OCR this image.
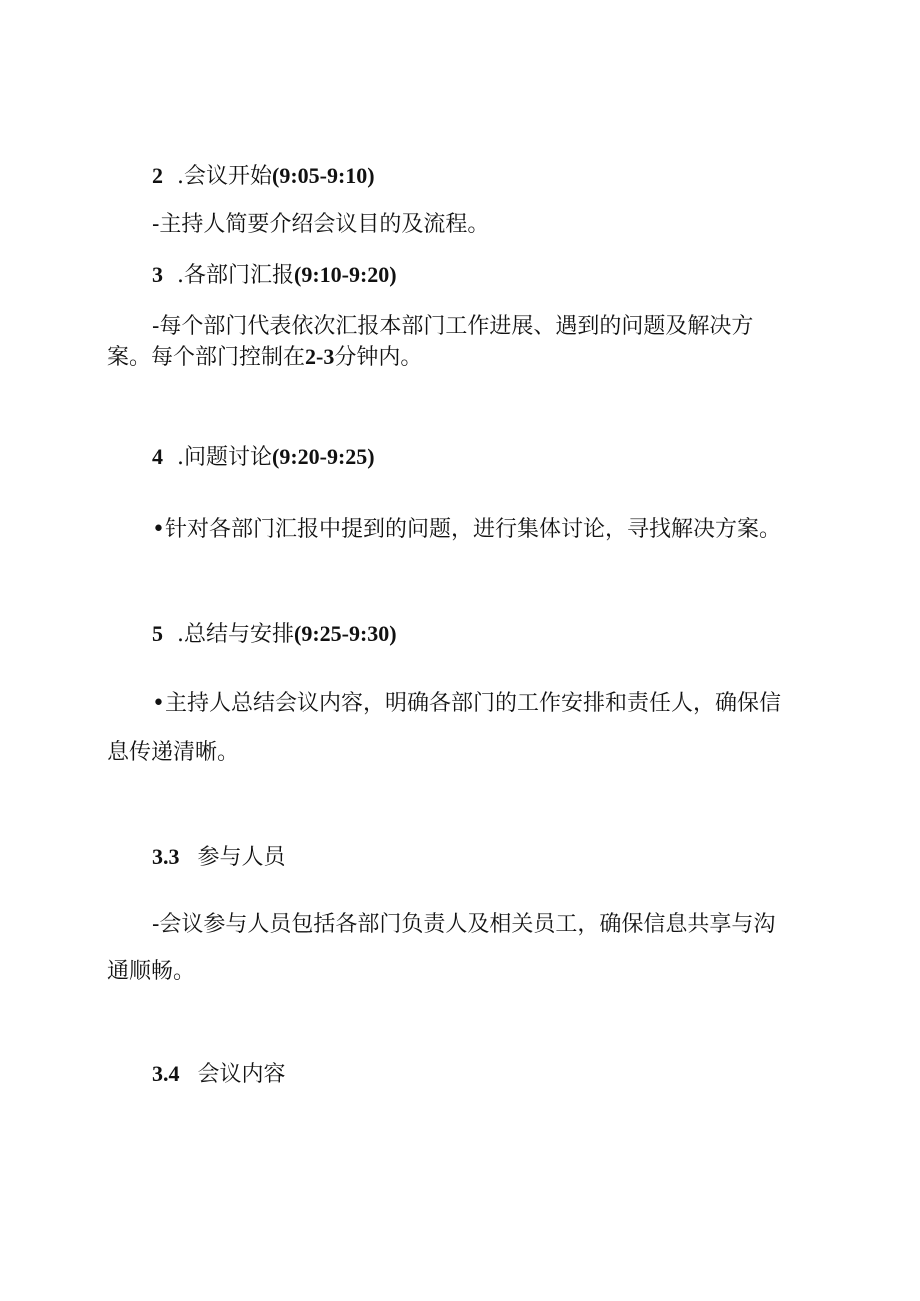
2 .会议开始(9:05-9:10)
-主持人简要介绍会议目的及流程。
3 .各部门汇报(9:10-9:20)
-每个部门代表依次汇报本部门工作进展、遇到的问题及解决方
案。每个部门控制在2-3分钟内。
4 .问题讨论(9:20-9:25)
•针对各部门汇报中提到的问题，进行集体讨论，寻找解决方案。
5 .总结与安排(9:25-9:30)
•主持人总结会议内容，明确各部门的工作安排和责任人，确保信
息传递清晰。
3.3 参与人员
-会议参与人员包括各部门负责人及相关员工，确保信息共享与沟
通顺畅。
3.4 会议内容
